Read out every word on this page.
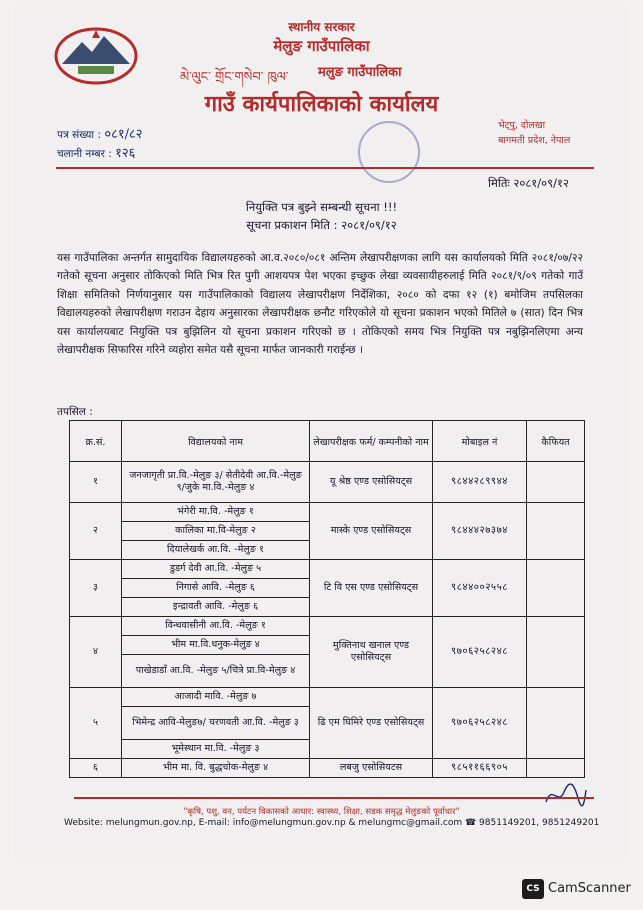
स्थानीय सरकार
मेलुङ गाउँपालिका
མེ་ལུང་ གྲོང་གསེབ་ ཁུལ་ मलुङ गाउँपालिका
गाउँ कार्यपालिकाको कार्यालय
भेट्पु, दोलखा
बागमती प्रदेश, नेपाल
पत्र संख्या : ०८१/८२
चलानी नम्बर : १२६
मितिः २०८१/०९/१२
नियुक्ति पत्र बुझ्ने सम्बन्धी सूचना !!!
सूचना प्रकाशन मिति : २०८१/०९/१२

यस गाउँपालिका अन्तर्गत सामुदायिक विद्यालयहरुको आ.व.२०८०/०८१ अन्तिम लेखापरीक्षणका लागि यस कार्यालयको मिति २०८१/०७/२२ गतेको सूचना अनुसार तोकिएको मिति भित्र रित पुगी आशयपत्र पेश भएका इच्छुक लेखा व्यवसायीहरुलाई मिति २०८१/९/०९ गतेको गाउँ शिक्षा समितिको निर्णयानुसार यस गाउँपालिकाको विद्यालय लेखापरीक्षण निर्देशिका, २०८० को दफा १२ (१) बमोजिम तपसिलका विद्यालयहरुको लेखापरीक्षण गराउन देहाय अनुसारका लेखापरीक्षक छनौट गरिएकोले यो सूचना प्रकाशन भएको मितिले ७ (सात) दिन भित्र यस कार्यालयबाट नियुक्ति पत्र बुझिलिन यो सूचना प्रकाशन गरिएको छ । तोकिएको समय भित्र नियुक्ति पत्र नबुझिनलिएमा अन्य लेखापरीक्षक सिफारिस गरिने व्यहोरा समेत यसै सूचना मार्फत जानकारी गराईन्छ ।

तपसिल :
क्र.सं.	विद्यालयको नाम	लेखापरीक्षक फर्म/ कम्पनीको नाम	मोबाइल नं	कैफियत
१	जनजागृती प्रा.वि.-मेलुङ ३/ सेतीदेवी आ.वि.-मेलुङ ९/जुके मा.वि.-मेलुङ ४	यू श्रेष्ठ एण्ड एसोसियट्स	९८४४२८९९४४	
२	भंगेरी मा.वि. -मेलुङ १	मास्के एण्ड एसोसियट्स	९८४४४२७३७४	
	कालिका मा.वि-मेलुङ २			
	दियालेखर्क आ.वि. -मेलुङ १			
३	डुडर्ग देवी आ.वि. -मेलुङ ५	टि वि एस एण्ड एसोसियट्स	९८४४००२५५८	
	निगासे आवि. -मेलुङ ६			
	इन्द्रावती आवि. -मेलुङ ६			
४	विन्धवासीनी आ.वि. -मेलुङ १	मुक्तिनाथ खनाल एण्ड एसोसियट्स	९७०६२५८२४८	
	भीम मा.वि.धनुक-मेलुङ ४			
	पाखेडाडाँ आ.वि. -मेलुङ ५/चित्रे प्रा.वि-मेलुङ ४			
५	आजादी मावि. -मेलुङ ७	ढि एम घिमिरे एण्ड एसोसियट्स	९७०६२५८२४८	
	भिमेन्द्र आवि-मेलुङ७/ चरणवती आ.वि. -मेलुङ ३			
	भूमेस्थान मा.वि. -मेलुङ ३			
६	भीम मा. वि. बुद्धचोक-मेलुङ ४	लबजु एसोसियटस	९८५११६६९०५	
"कृषि, पशु, वन, पर्यटन विकासको आधार: स्वास्थ्य, शिक्षा, सडक समृद्ध मेलुङको पूर्वाधार"
Website: melungmun.gov.np, E-mail: info@melungmun.gov.np & melungmc@gmail.com ☎ 9851149201, 9851249201
CS CamScanner
